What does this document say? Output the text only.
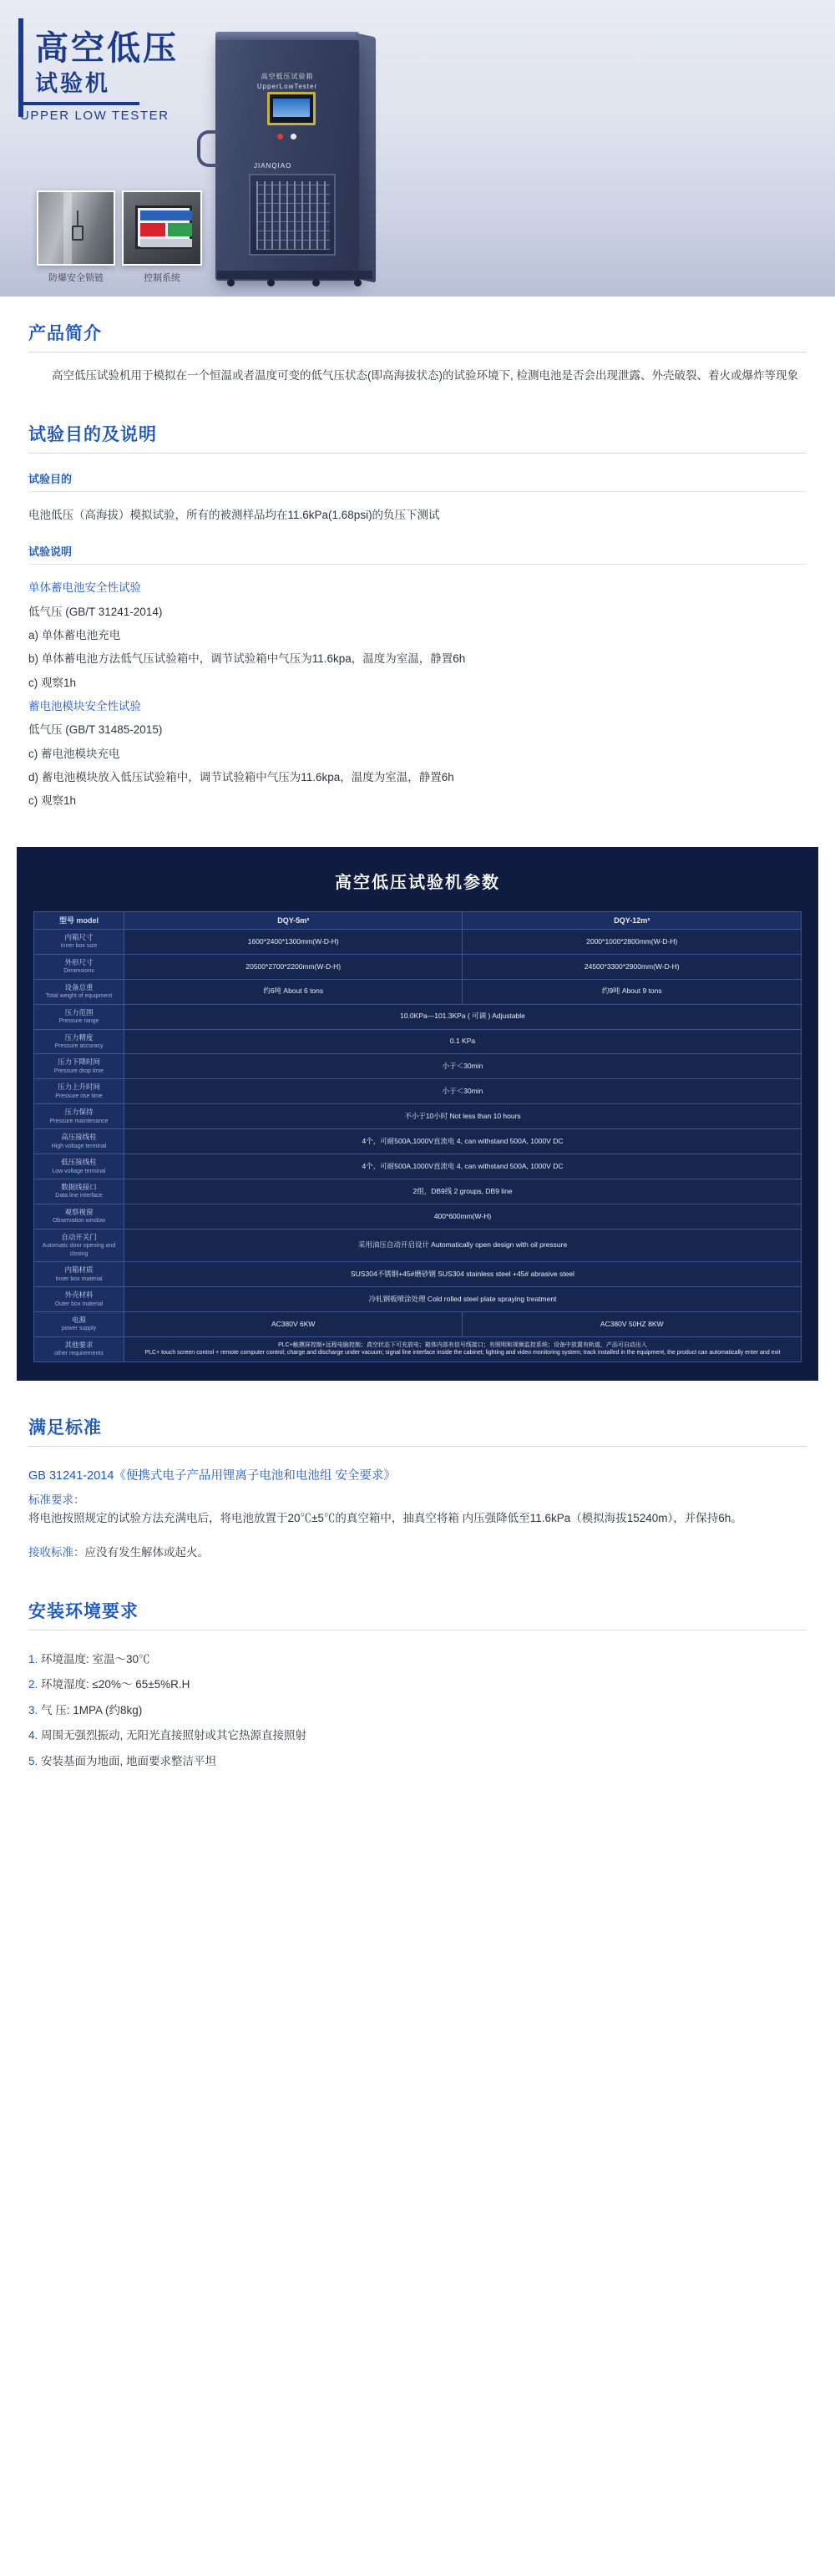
高空低压
试验机
UPPER LOW TESTER
高空低压试验箱 UpperLowTester
JIANQIAO
防爆安全锁链	控制系统
产品简介
高空低压试验机用于模拟在一个恒温或者温度可变的低气压状态(即高海拔状态)的试验环境下, 检测电池是否会出现泄露、外壳破裂、着火或爆炸等现象
试验目的及说明
试验目的
电池低压（高海拔）模拟试验，所有的被测样品均在11.6kPa(1.68psi)的负压下测试
试验说明
单体蓄电池安全性试验
低气压 (GB/T 31241-2014)
a) 单体蓄电池充电
b) 单体蓄电池方法低气压试验箱中，调节试验箱中气压为11.6kpa，温度为室温，静置6h
c) 观察1h
蓄电池模块安全性试验
低气压 (GB/T 31485-2015)
c) 蓄电池模块充电
d) 蓄电池模块放入低压试验箱中，调节试验箱中气压为11.6kpa，温度为室温，静置6h
c) 观察1h
高空低压试验机参数
型号 model	DQY-5m³	DQY-12m³

内箱尺寸
Inner box size	1600*2400*1300mm(W-D-H)	2000*1000*2800mm(W-D-H)

外形尺寸
Dimensions	20500*2700*2200mm(W-D-H)	24500*3300*2900mm(W-D-H)

设备总重
Total weight of equipment	约6吨 About 6 tons	约9吨 About 9 tons

压力范围
Pressure range	10.0KPa—101.3KPa ( 可调 ) Adjustable	

压力精度
Pressure accuracy	0.1 KPa	

压力下降时间
Pressure drop time	小于＜30min	

压力上升时间
Pressure rise time	小于＜30min	

压力保持
Pressure maintenance	不小于10小时 Not less than 10 hours	

高压接线柱
High voltage terminal	4个，可耐500A,1000V直流电 4, can withstand 500A, 1000V DC	

低压接线柱
Low voltage terminal	4个，可耐500A,1000V直流电 4, can withstand 500A, 1000V DC	

数据线接口
Data line interface	2组，DB9线 2 groups, DB9 line	

观察视窗
Observation window	400*600mm(W-H)	

自动开关门
Automatic door opening and closing	采用油压自动开启设计 Automatically open design with oil pressure	

内箱材质
Inner box material	SUS304不锈钢+45#磨砂钢 SUS304 stainless steel +45# abrasive steel	

外壳材料
Outer box material	冷轧钢板喷涂处理 Cold rolled steel plate spraying treatment	

电源
power supply	AC380V 6KW	AC380V 50HZ 8KW

其他要求
other requirements	PLC+触摸屏控制+远程电脑控制；真空状态下可充放电；箱体内部有信号线接口；有照明和视频监控系统；设备中放置有轨道，产品可自动出入
PLC+ touch screen control + remote computer control; charge and discharge under vacuum; signal line interface inside the cabinet; lighting and video monitoring system; track installed in the equipment, the product can automatically enter and exit	
满足标准
GB 31241-2014《便携式电子产品用锂离子电池和电池组 安全要求》
标准要求：
将电池按照规定的试验方法充满电后，将电池放置于20℃±5℃的真空箱中，抽真空将箱 内压强降低至11.6kPa（模拟海拔15240m），并保持6h。
接收标准：应没有发生解体或起火。
安装环境要求
1. 环境温度: 室温～30℃
2. 环境湿度: ≤20%～ 65±5%R.H
3. 气 压: 1MPA (约8kg)
4. 周围无强烈振动, 无阳光直接照射或其它热源直接照射
5. 安装基面为地面, 地面要求整洁平坦
